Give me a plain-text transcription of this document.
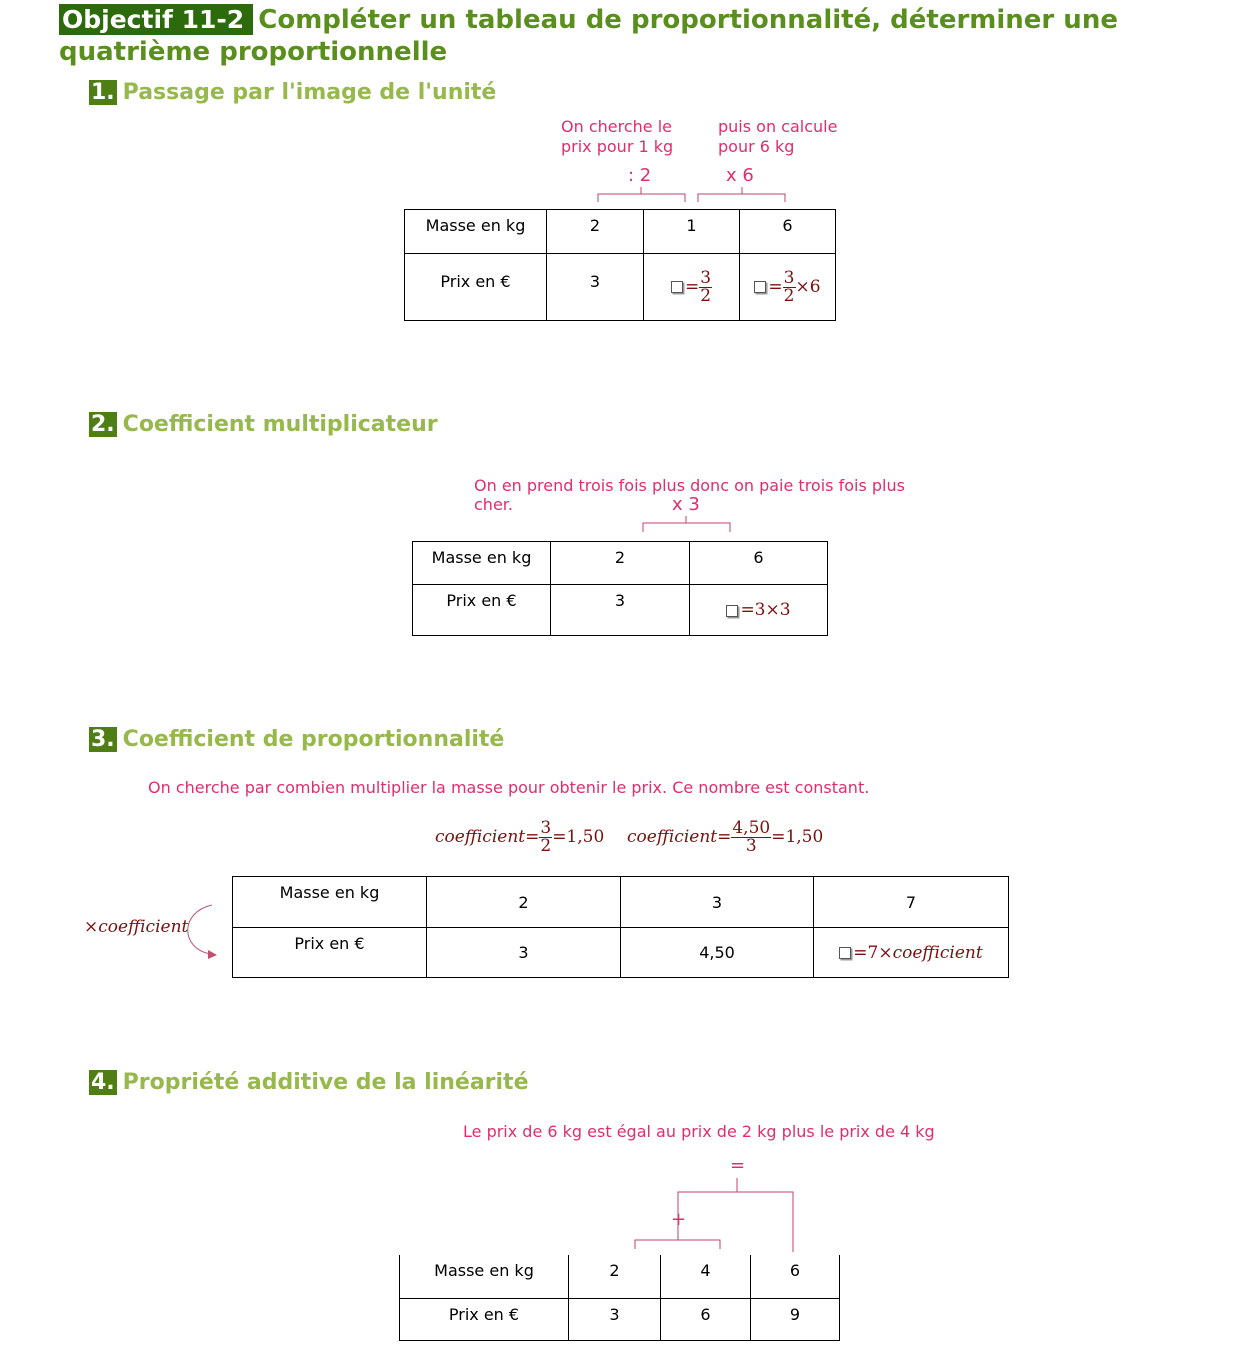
Objectif 11-2 Compléter un tableau de proportionnalité, déterminer une quatrième proportionnelle
1. Passage par l'image de l'unité
On cherche le prix pour 1 kg
puis on calcule pour 6 kg
: 2	x 6
Masse en kg	2	1	6

Prix en €	3	= $\frac{3}{2}$	= $\frac{3}{2} \times 6$
2. Coefficient multiplicateur
On en prend trois fois plus donc on paie trois fois plus cher.	x 3
Masse en kg	2	6

Prix en €	3	=3×3
3. Coefficient de proportionnalité
On cherche par combien multiplier la masse pour obtenir le prix. Ce nombre est constant.
coefficient= $\frac{3}{2} =1,50$ coefficient= $\frac{4,50}{3} =1,50$
×coefficient
Masse en kg	2	3	7

Prix en €	3	4,50	=7×coefficient
4. Propriété additive de la linéarité
Le prix de 6 kg est égal au prix de 2 kg plus le prix de 4 kg
=
+
Masse en kg	2	4	6

Prix en €	3	6	9
